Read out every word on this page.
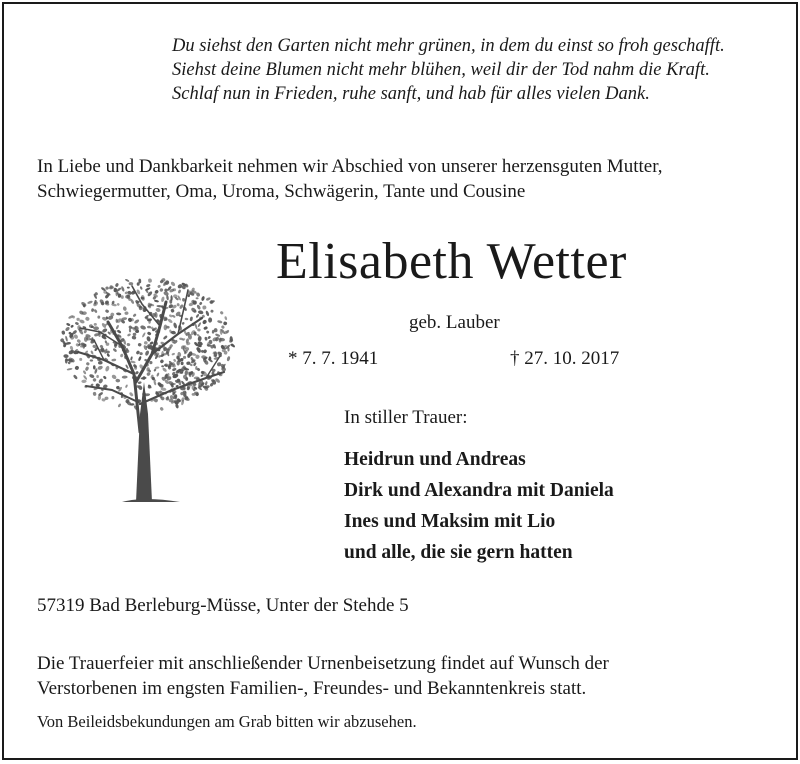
Du siehst den Garten nicht mehr grünen, in dem du einst so froh geschafft.
Siehst deine Blumen nicht mehr blühen, weil dir der Tod nahm die Kraft.
Schlaf nun in Frieden, ruhe sanft, und hab für alles vielen Dank.
In Liebe und Dankbarkeit nehmen wir Abschied von unserer herzensguten Mutter,
Schwiegermutter, Oma, Uroma, Schwägerin, Tante und Cousine
Elisabeth Wetter
geb. Lauber
* 7. 7. 1941	† 27. 10. 2017
In stiller Trauer:
Heidrun und Andreas
Dirk und Alexandra mit Daniela
Ines und Maksim mit Lio
und alle, die sie gern hatten
57319 Bad Berleburg-Müsse, Unter der Stehde 5
Die Trauerfeier mit anschließender Urnenbeisetzung findet auf Wunsch der
Verstorbenen im engsten Familien-, Freundes- und Bekanntenkreis statt.
Von Beileidsbekundungen am Grab bitten wir abzusehen.
